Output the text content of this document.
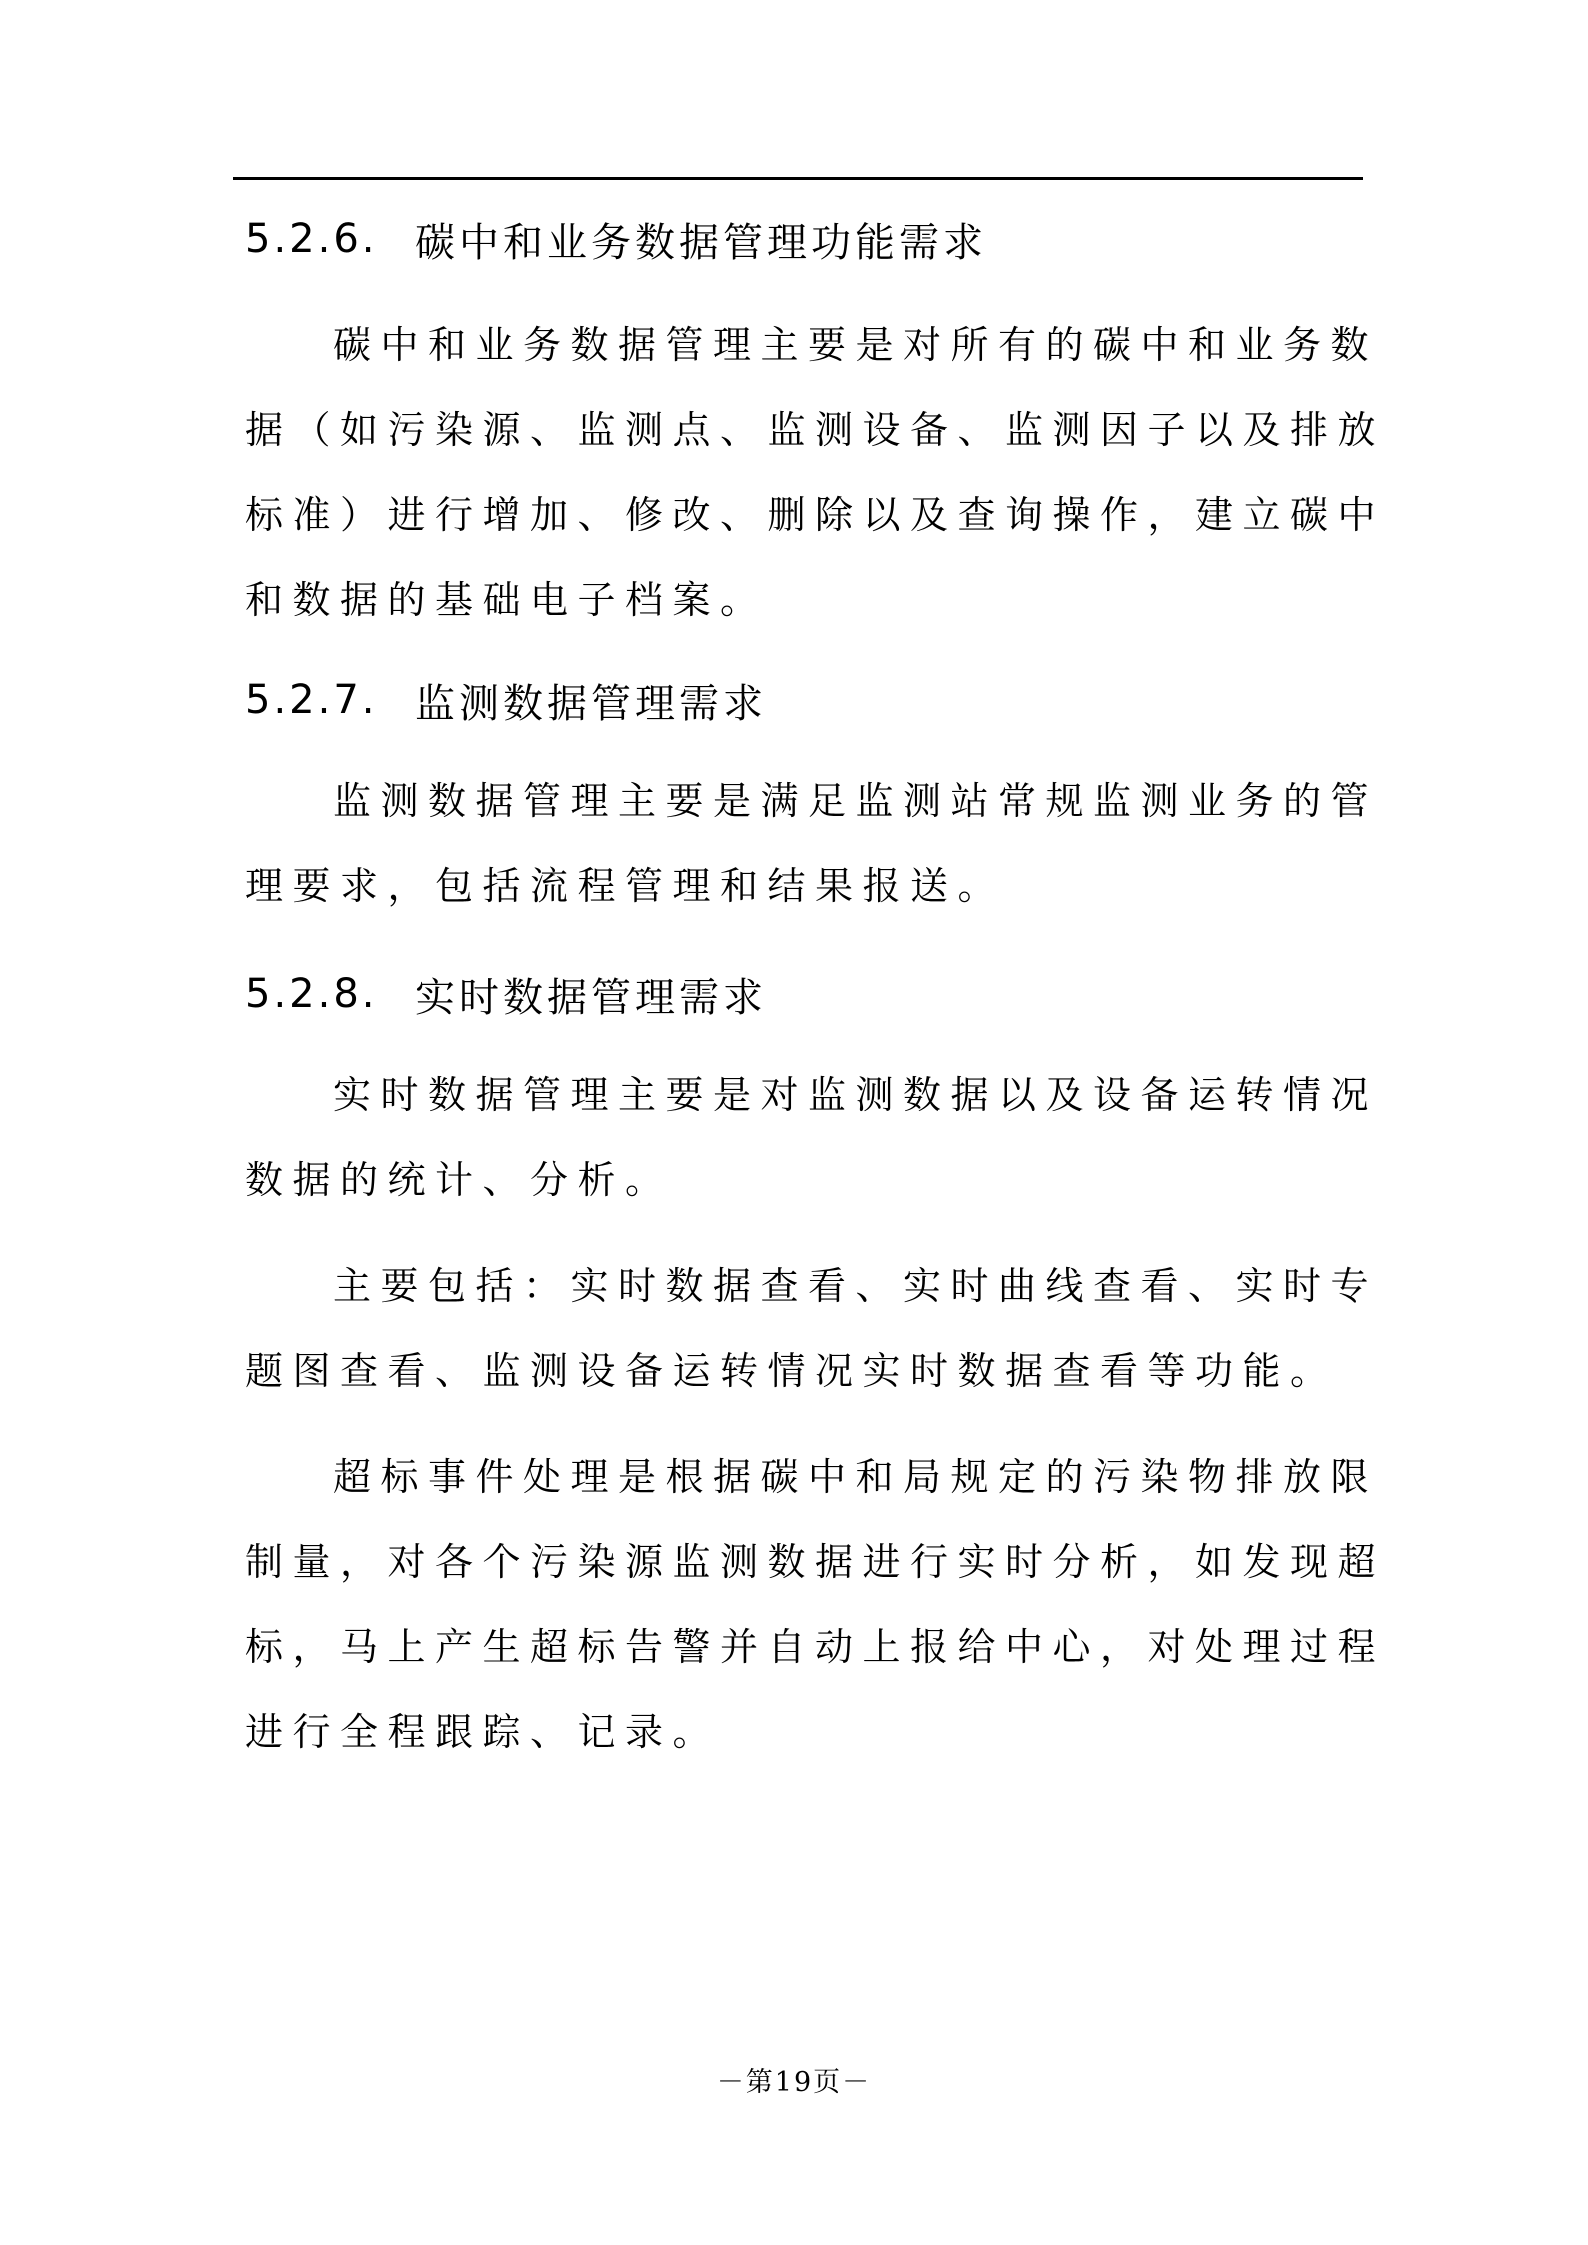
5.2.6. 碳中和业务数据管理功能需求

碳中和业务数据管理主要是对所有的碳中和业务数据（如污染源、监测点、监测设备、监测因子以及排放标准）进行增加、修改、删除以及查询操作，建立碳中和数据的基础电子档案。

5.2.7. 监测数据管理需求

监测数据管理主要是满足监测站常规监测业务的管理要求，包括流程管理和结果报送。

5.2.8. 实时数据管理需求

实时数据管理主要是对监测数据以及设备运转情况数据的统计、分析。

主要包括：实时数据查看、实时曲线查看、实时专题图查看、监测设备运转情况实时数据查看等功能。

超标事件处理是根据碳中和局规定的污染物排放限制量，对各个污染源监测数据进行实时分析，如发现超标，马上产生超标告警并自动上报给中心，对处理过程进行全程跟踪、记录。

－第19页－
